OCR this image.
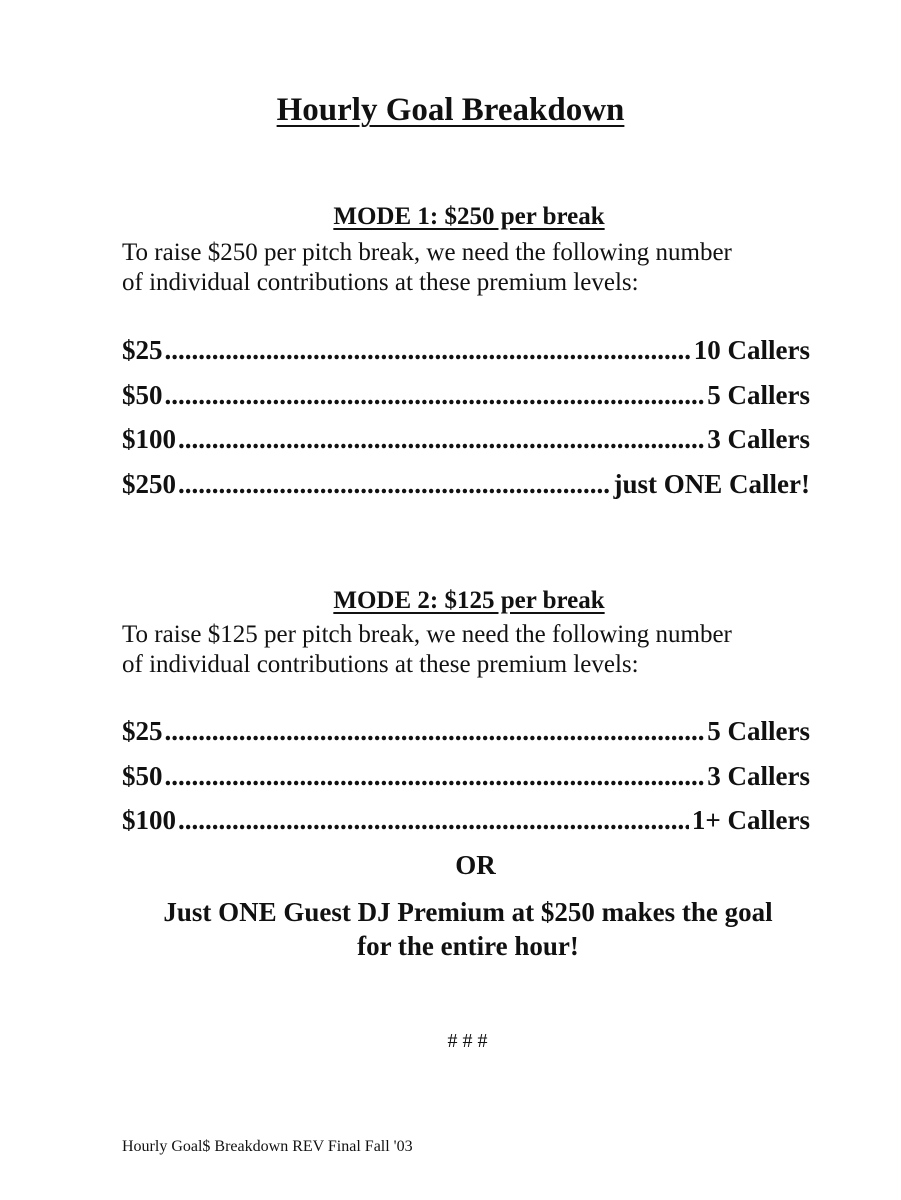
Hourly Goal Breakdown
MODE 1: $250 per break

To raise $250 per pitch break, we need the following number
of individual contributions at these premium levels:

$25 .....	10 Callers
$50 .....	5 Callers
$100 .....	3 Callers
$250 .....	just ONE Caller!
MODE 2: $125 per break

To raise $125 per pitch break, we need the following number
of individual contributions at these premium levels:

$25 .....	5 Callers
$50 .....	3 Callers
$100 .....	1+ Callers

OR

Just ONE Guest DJ Premium at $250 makes the goal
for the entire hour!

# # #

Hourly Goal$ Breakdown REV Final Fall '03
